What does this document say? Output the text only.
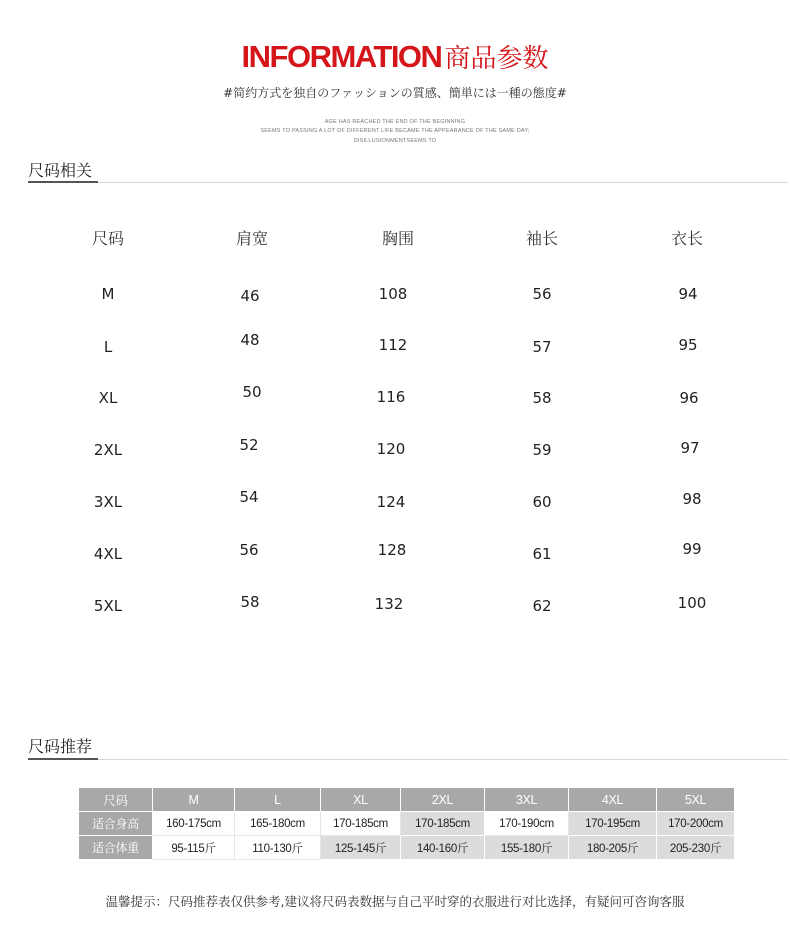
INFORMATION 商品参数
#简约方式を独自のファッションの質感、簡単には一種の態度#
AGE HAS REACHED THE END OF THE BEGINNING
SEEMS TO PASSING A LOT OF DIFFERENT LIFE BECAME THE APPEARANCE OF THE SAME DAY;
DISILLUSIONMENTSEEMS TO
尺码相关
尺码	肩宽	胸围	袖长	衣长
M	46	108	56	94
L	48	112	57	95
XL	50	116	58	96
2XL	52	120	59	97
3XL	54	124	60	98
4XL	56	128	61	99
5XL	58	132	62	100
尺码推荐
尺码	M	L	XL	2XL	3XL	4XL	5XL
适合身高	160-175cm	165-180cm	170-185cm	170-185cm	170-190cm	170-195cm	170-200cm
适合体重	95-115斤	110-130斤	125-145斤	140-160斤	155-180斤	180-205斤	205-230斤
温馨提示：尺码推荐表仅供参考,建议将尺码表数据与自己平时穿的衣服进行对比选择，有疑问可咨询客服
